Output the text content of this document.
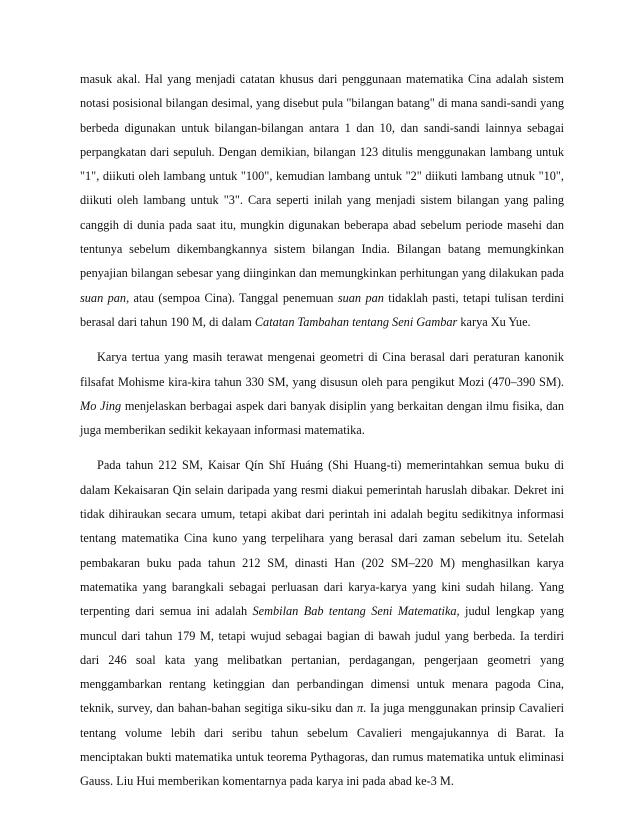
masuk akal. Hal yang menjadi catatan khusus dari penggunaan matematika Cina adalah sistem notasi posisional bilangan desimal, yang disebut pula "bilangan batang" di mana sandi-sandi yang berbeda digunakan untuk bilangan-bilangan antara 1 dan 10, dan sandi-sandi lainnya sebagai perpangkatan dari sepuluh. Dengan demikian, bilangan 123 ditulis menggunakan lambang untuk "1", diikuti oleh lambang untuk "100", kemudian lambang untuk "2" diikuti lambang utnuk "10", diikuti oleh lambang untuk "3". Cara seperti inilah yang menjadi sistem bilangan yang paling canggih di dunia pada saat itu, mungkin digunakan beberapa abad sebelum periode masehi dan tentunya sebelum dikembangkannya sistem bilangan India. Bilangan batang memungkinkan penyajian bilangan sebesar yang diinginkan dan memungkinkan perhitungan yang dilakukan pada suan pan, atau (sempoa Cina). Tanggal penemuan suan pan tidaklah pasti, tetapi tulisan terdini berasal dari tahun 190 M, di dalam Catatan Tambahan tentang Seni Gambar karya Xu Yue.

Karya tertua yang masih terawat mengenai geometri di Cina berasal dari peraturan kanonik filsafat Mohisme kira-kira tahun 330 SM, yang disusun oleh para pengikut Mozi (470–390 SM). Mo Jing menjelaskan berbagai aspek dari banyak disiplin yang berkaitan dengan ilmu fisika, dan juga memberikan sedikit kekayaan informasi matematika.

Pada tahun 212 SM, Kaisar Qín Shǐ Huáng (Shi Huang-ti) memerintahkan semua buku di dalam Kekaisaran Qin selain daripada yang resmi diakui pemerintah haruslah dibakar. Dekret ini tidak dihiraukan secara umum, tetapi akibat dari perintah ini adalah begitu sedikitnya informasi tentang matematika Cina kuno yang terpelihara yang berasal dari zaman sebelum itu. Setelah pembakaran buku pada tahun 212 SM, dinasti Han (202 SM–220 M) menghasilkan karya matematika yang barangkali sebagai perluasan dari karya-karya yang kini sudah hilang. Yang terpenting dari semua ini adalah Sembilan Bab tentang Seni Matematika, judul lengkap yang muncul dari tahun 179 M, tetapi wujud sebagai bagian di bawah judul yang berbeda. Ia terdiri dari 246 soal kata yang melibatkan pertanian, perdagangan, pengerjaan geometri yang menggambarkan rentang ketinggian dan perbandingan dimensi untuk menara pagoda Cina, teknik, survey, dan bahan-bahan segitiga siku-siku dan π. Ia juga menggunakan prinsip Cavalieri tentang volume lebih dari seribu tahun sebelum Cavalieri mengajukannya di Barat. Ia menciptakan bukti matematika untuk teorema Pythagoras, dan rumus matematika untuk eliminasi Gauss. Liu Hui memberikan komentarnya pada karya ini pada abad ke-3 M.
